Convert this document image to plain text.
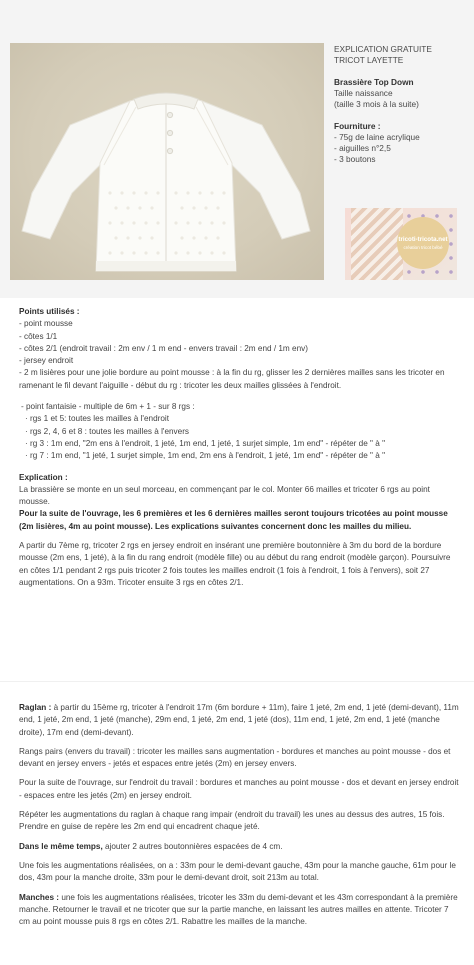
EXPLICATION GRATUITE

TRICOT LAYETTE

Brassière Top Down

Taille naissance

(taille 3 mois à la suite)

Fourniture :

- 75g de laine acrylique
- aiguilles n°2,5
- 3 boutons
tricoti-tricota.net
création tricot bébé

Points utilisés :

- point mousse
- côtes 1/1
- côtes 2/1 (endroit travail : 2m env / 1 m end - envers travail : 2m end / 1m env)
- jersey endroit
- 2 m lisières pour une jolie bordure au point mousse : à la fin du rg, glisser les 2 dernières mailles sans les tricoter en
ramenant le fil devant l'aiguille - début du rg : tricoter les deux mailles glissées à l'endroit.

- point fantaisie - multiple de 6m + 1 - sur 8 rgs :

· rgs 1 et 5: toutes les mailles à l'endroit
· rgs 2, 4, 6 et 8 : toutes les mailles à l'envers
· rg 3 : 1m end, "2m ens à l'endroit, 1 jeté, 1m end, 1 jeté, 1 surjet simple, 1m end" - répéter de " à "
· rg 7 : 1m end, "1 jeté, 1 surjet simple, 1m end, 2m ens à l'endroit, 1 jeté, 1m end" - répéter de " à "

Explication :

La brassière se monte en un seul morceau, en commençant par le col. Monter 66 mailles et tricoter 6 rgs au point mousse.

Pour la suite de l'ouvrage, les 6 premières et les 6 dernières mailles seront toujours tricotées au point mousse (2m lisières, 4m au point mousse). Les explications suivantes concernent donc les mailles du milieu.

A partir du 7ème rg, tricoter 2 rgs en jersey endroit en insérant une première boutonnière à 3m du bord de la bordure mousse (2m ens, 1 jeté), à la fin du rang endroit (modèle fille) ou au début du rang endroit (modèle garçon). Poursuivre en côtes 1/1 pendant 2 rgs puis tricoter 2 fois toutes les mailles endroit (1 fois à l'endroit, 1 fois à l'envers), soit 27 augmentations. On a 93m. Tricoter ensuite 3 rgs en côtes 2/1.

Raglan : à partir du 15ème rg, tricoter à l'endroit 17m (6m bordure + 11m), faire 1 jeté, 2m end, 1 jeté (demi-devant), 11m end, 1 jeté, 2m end, 1 jeté (manche), 29m end, 1 jeté, 2m end, 1 jeté (dos), 11m end, 1 jeté, 2m end, 1 jeté (manche droite), 17m end (demi-devant).

Rangs pairs (envers du travail) : tricoter les mailles sans augmentation - bordures et manches au point mousse - dos et devant en jersey envers - jetés et espaces entre jetés (2m) en jersey envers.

Pour la suite de l'ouvrage, sur l'endroit du travail : bordures et manches au point mousse - dos et devant en jersey endroit - espaces entre les jetés (2m) en jersey endroit.

Répéter les augmentations du raglan à chaque rang impair (endroit du travail) les unes au dessus des autres, 15 fois. Prendre en guise de repère les 2m end qui encadrent chaque jeté.

Dans le même temps, ajouter 2 autres boutonnières espacées de 4 cm.

Une fois les augmentations réalisées, on a : 33m pour le demi-devant gauche, 43m pour la manche gauche, 61m pour le dos, 43m pour la manche droite, 33m pour le demi-devant droit, soit 213m au total.

Manches : une fois les augmentations réalisées, tricoter les 33m du demi-devant et les 43m correspondant à la première manche. Retourner le travail et ne tricoter que sur la partie manche, en laissant les autres mailles en attente. Tricoter 7 cm au point mousse puis 8 rgs en côtes 2/1. Rabattre les mailles de la manche.
